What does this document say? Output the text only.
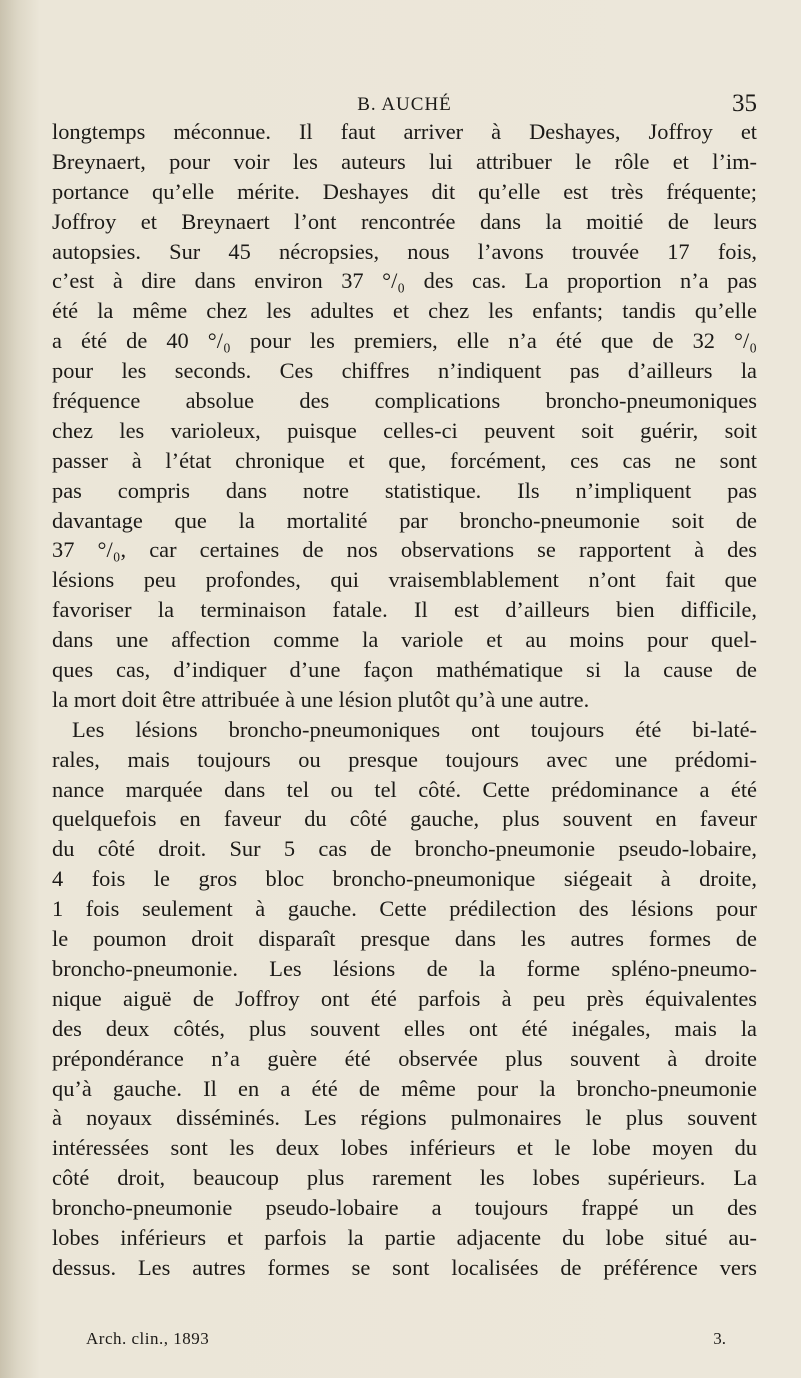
B. AUCHÉ	35
longtemps méconnue. Il faut arriver à Deshayes, Joffroy et
Breynaert, pour voir les auteurs lui attribuer le rôle et l’im-
portance qu’elle mérite. Deshayes dit qu’elle est très fréquente;
Joffroy et Breynaert l’ont rencontrée dans la moitié de leurs
autopsies. Sur 45 nécropsies, nous l’avons trouvée 17 fois,
c’est à dire dans environ 37 °/₀ des cas. La proportion n’a pas
été la même chez les adultes et chez les enfants; tandis qu’elle
a été de 40 °/₀ pour les premiers, elle n’a été que de 32 °/₀
pour les seconds. Ces chiffres n’indiquent pas d’ailleurs la
fréquence absolue des complications broncho-pneumoniques
chez les varioleux, puisque celles-ci peuvent soit guérir, soit
passer à l’état chronique et que, forcément, ces cas ne sont
pas compris dans notre statistique. Ils n’impliquent pas
davantage que la mortalité par broncho-pneumonie soit de
37 °/₀, car certaines de nos observations se rapportent à des
lésions peu profondes, qui vraisemblablement n’ont fait que
favoriser la terminaison fatale. Il est d’ailleurs bien difficile,
dans une affection comme la variole et au moins pour quel-
ques cas, d’indiquer d’une façon mathématique si la cause de
la mort doit être attribuée à une lésion plutôt qu’à une autre.
Les lésions broncho-pneumoniques ont toujours été bi-laté-
rales, mais toujours ou presque toujours avec une prédomi-
nance marquée dans tel ou tel côté. Cette prédominance a été
quelquefois en faveur du côté gauche, plus souvent en faveur
du côté droit. Sur 5 cas de broncho-pneumonie pseudo-lobaire,
4 fois le gros bloc broncho-pneumonique siégeait à droite,
1 fois seulement à gauche. Cette prédilection des lésions pour
le poumon droit disparaît presque dans les autres formes de
broncho-pneumonie. Les lésions de la forme spléno-pneumo-
nique aiguë de Joffroy ont été parfois à peu près équivalentes
des deux côtés, plus souvent elles ont été inégales, mais la
prépondérance n’a guère été observée plus souvent à droite
qu’à gauche. Il en a été de même pour la broncho-pneumonie
à noyaux disséminés. Les régions pulmonaires le plus souvent
intéressées sont les deux lobes inférieurs et le lobe moyen du
côté droit, beaucoup plus rarement les lobes supérieurs. La
broncho-pneumonie pseudo-lobaire a toujours frappé un des
lobes inférieurs et parfois la partie adjacente du lobe situé au-
dessus. Les autres formes se sont localisées de préférence vers
Arch. clin., 1893	3.
